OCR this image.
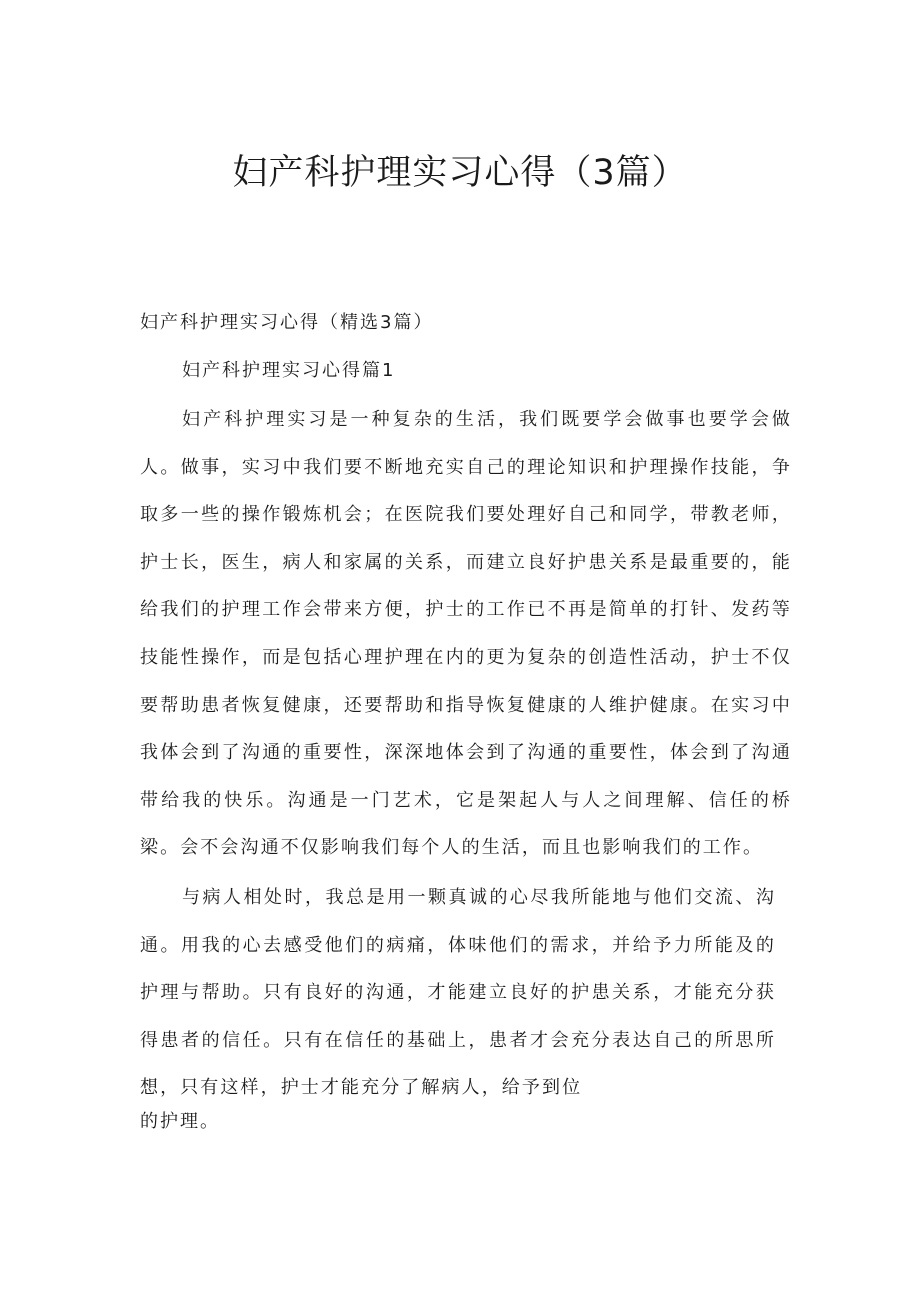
妇产科护理实习心得（3篇）

妇产科护理实习心得（精选3篇）

妇产科护理实习心得篇1

妇产科护理实习是一种复杂的生活，我们既要学会做事也要学会做人。做事，实习中我们要不断地充实自己的理论知识和护理操作技能，争取多一些的操作锻炼机会；在医院我们要处理好自己和同学，带教老师，护士长，医生，病人和家属的关系，而建立良好护患关系是最重要的，能给我们的护理工作会带来方便，护士的工作已不再是简单的打针、发药等技能性操作，而是包括心理护理在内的更为复杂的创造性活动，护士不仅要帮助患者恢复健康，还要帮助和指导恢复健康的人维护健康。在实习中我体会到了沟通的重要性，深深地体会到了沟通的重要性，体会到了沟通带给我的快乐。沟通是一门艺术，它是架起人与人之间理解、信任的桥梁。会不会沟通不仅影响我们每个人的生活，而且也影响我们的工作。

与病人相处时，我总是用一颗真诚的心尽我所能地与他们交流、沟通。用我的心去感受他们的病痛，体味他们的需求，并给予力所能及的护理与帮助。只有良好的沟通，才能建立良好的护患关系，才能充分获得患者的信任。只有在信任的基础上，患者才会充分表达自己的所思所想，只有这样，护士才能充分了解病人，给予到位

的护理。
